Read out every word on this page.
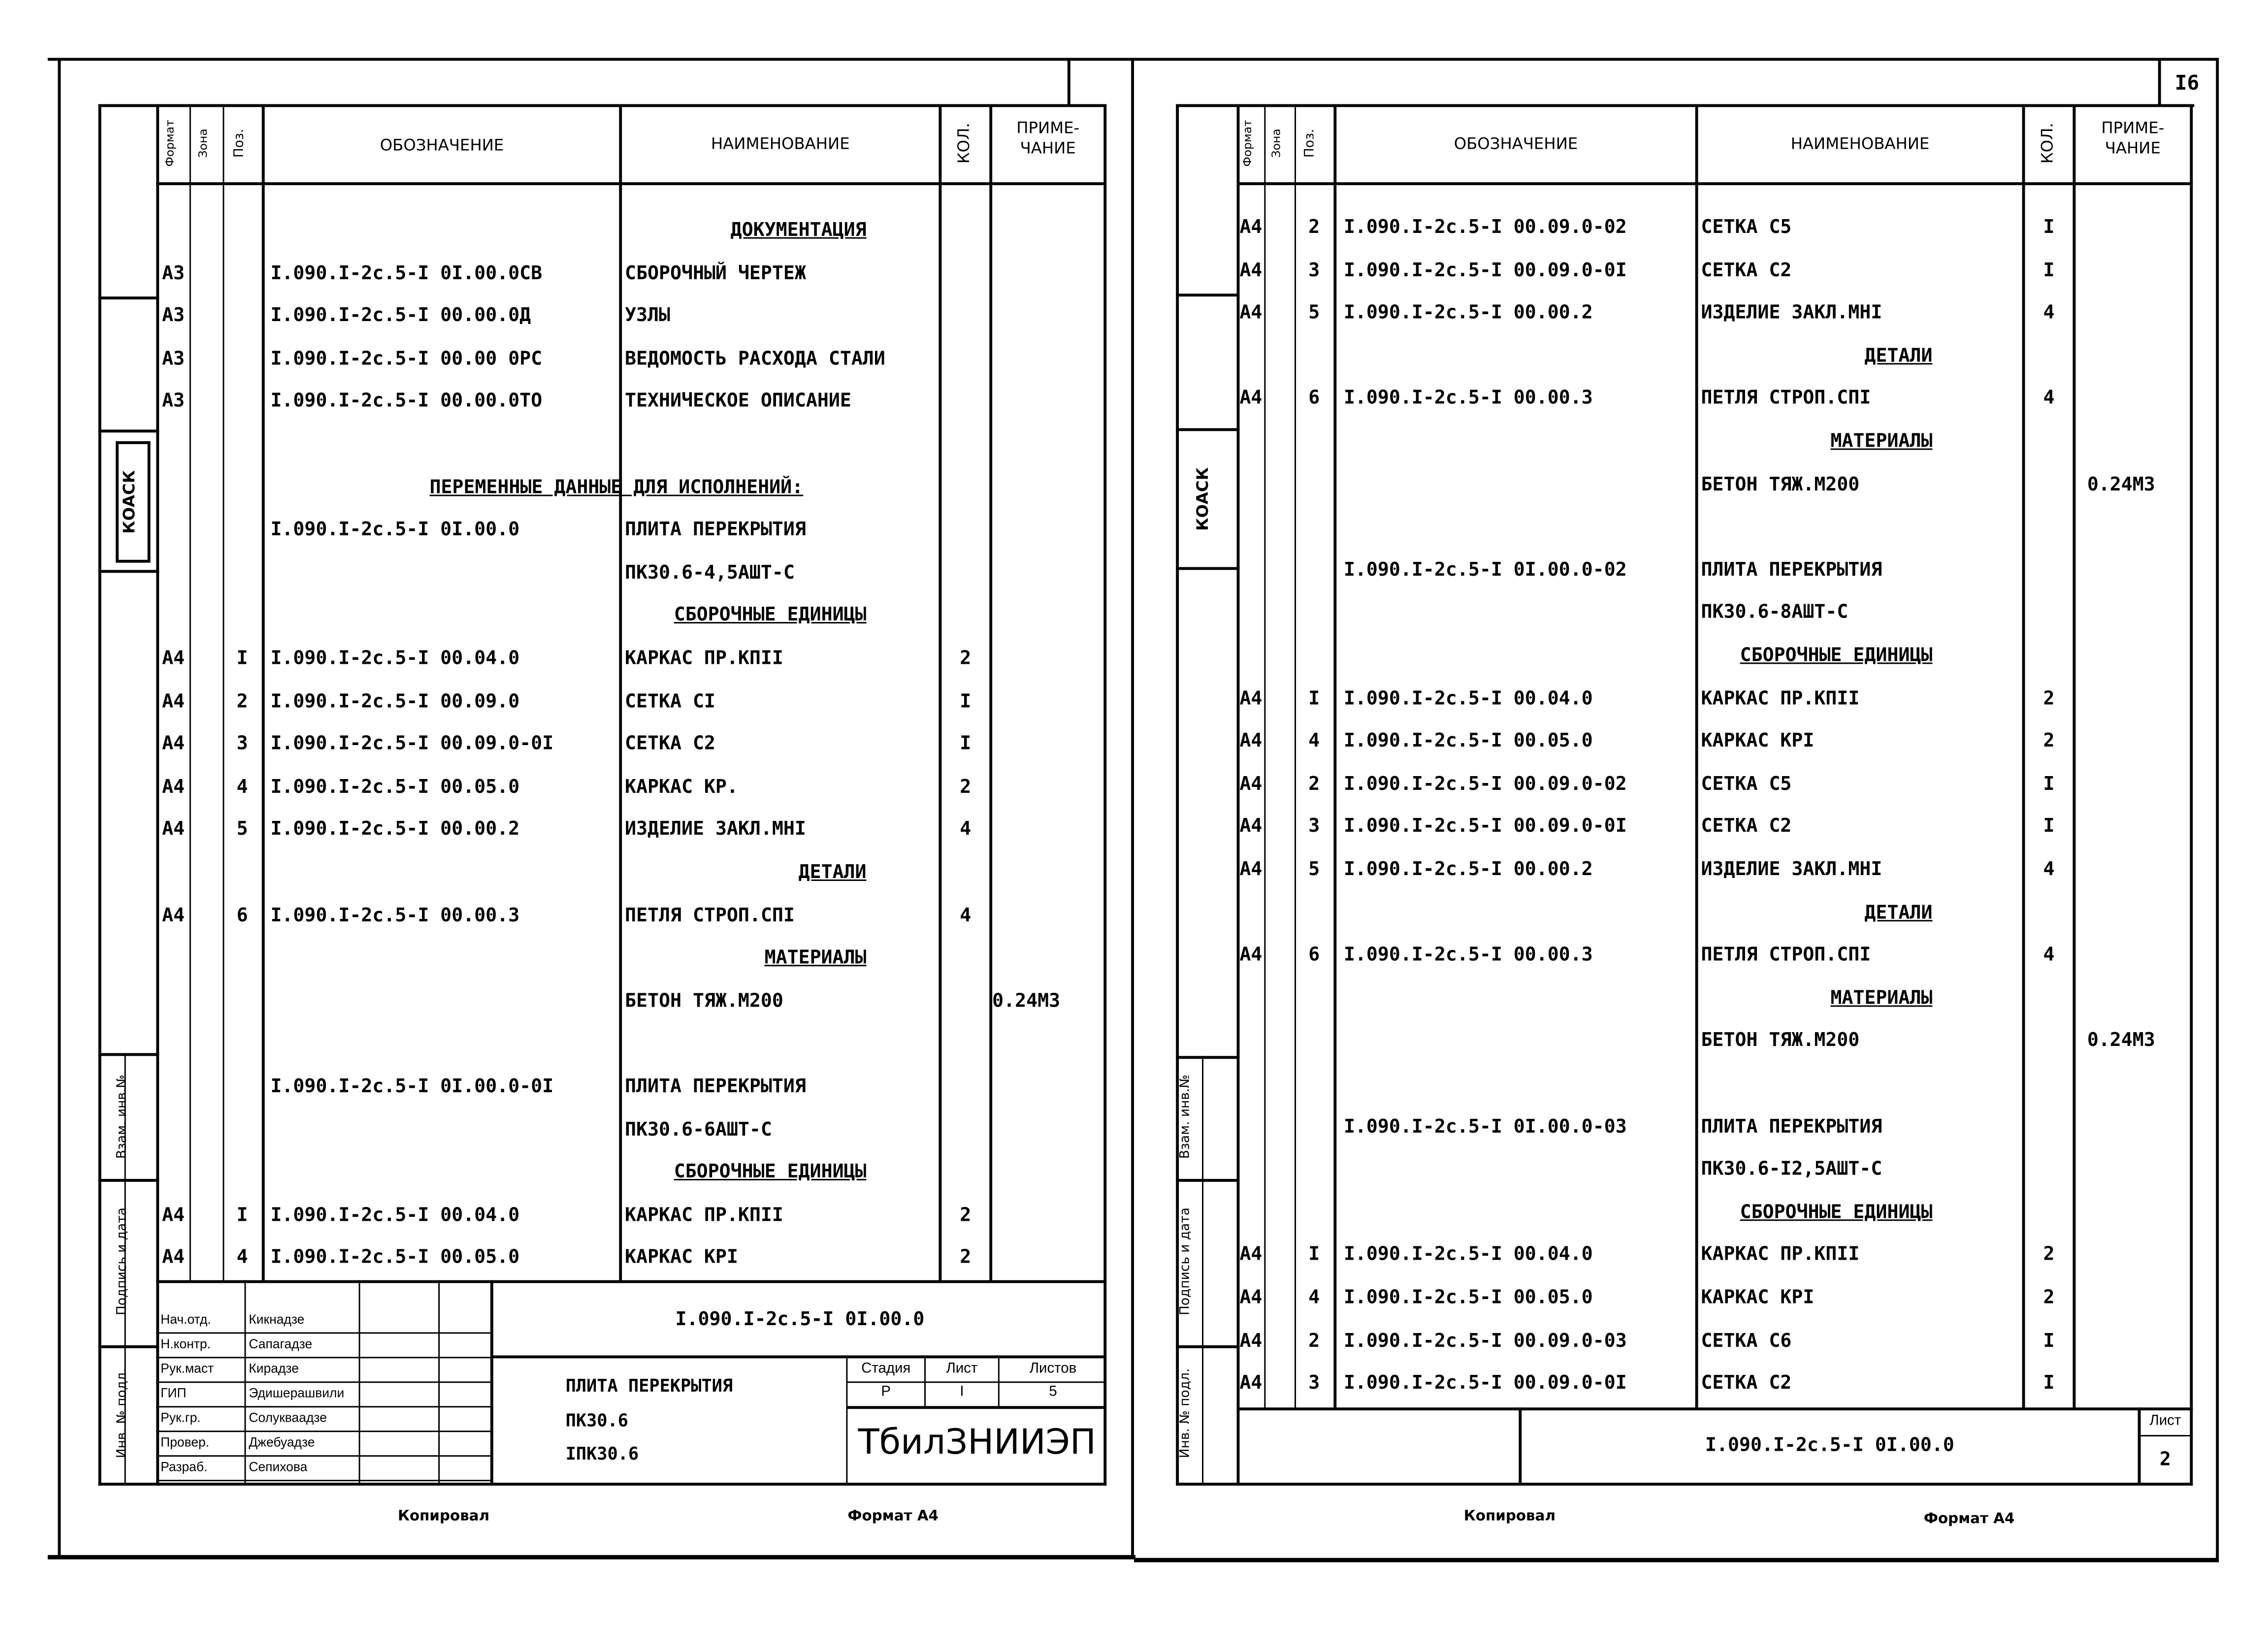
КОАСК
Инв. № подл.
Подпись и дата
Взам. инв.№
Формат	Зона	Поз.	ОБОЗНАЧЕНИЕ	НАИМЕНОВАНИЕ	КОЛ.	ПРИМЕ-
ЧАНИЕ
ДОКУМЕНТАЦИЯ
А3	I.090.I-2c.5-I 0I.00.0СВ	СБОРОЧНЫЙ ЧЕРТЕЖ
А3	I.090.I-2c.5-I 00.00.0Д	УЗЛЫ
А3	I.090.I-2c.5-I 00.00 0РС	ВЕДОМОСТЬ РАСХОДА СТАЛИ
А3	I.090.I-2c.5-I 00.00.0ТО	ТЕХНИЧЕСКОЕ ОПИСАНИЕ
ПЕРЕМЕННЫЕ ДАННЫЕ ДЛЯ ИСПОЛНЕНИЙ:
I.090.I-2c.5-I 0I.00.0	ПЛИТА ПЕРЕКРЫТИЯ
ПК30.6-4,5АШТ-С
СБОРОЧНЫЕ ЕДИНИЦЫ
А4	I	I.090.I-2c.5-I 00.04.0	КАРКАС ПР.КПII	2
А4	2	I.090.I-2c.5-I 00.09.0	СЕТКА СI	I
А4	3	I.090.I-2c.5-I 00.09.0-0I	СЕТКА С2	I
А4	4	I.090.I-2c.5-I 00.05.0	КАРКАС КР.	2
А4	5	I.090.I-2c.5-I 00.00.2	ИЗДЕЛИЕ ЗАКЛ.МНI	4
ДЕТАЛИ
А4	6	I.090.I-2c.5-I 00.00.3	ПЕТЛЯ СТРОП.СПI	4
МАТЕРИАЛЫ
БЕТОН ТЯЖ.М200	0.24М3
I.090.I-2c.5-I 0I.00.0-0I	ПЛИТА ПЕРЕКРЫТИЯ
ПК30.6-6АШТ-С
СБОРОЧНЫЕ ЕДИНИЦЫ
А4	I	I.090.I-2c.5-I 00.04.0	КАРКАС ПР.КПII	2
А4	4	I.090.I-2c.5-I 00.05.0	КАРКАС КРI	2
Нач.отд.	Кикнадзе
Н.контр.	Сапагадзе
Рук.маст	Кирадзе
ГИП	Эдишерашвили
Рук.гр.	Солукваадзе
Провер.	Джебуадзе
Разраб.	Сепихова
I.090.I-2c.5-I 0I.00.0
ПЛИТА ПЕРЕКРЫТИЯ
ПК30.6
IПК30.6
Стадия	Лист	Листов
Р	I	5
ТбилЗНИИЭП
Копировал	Формат А4
I6
КОАСК
Инв. № подл.
Подпись и дата
Взам. инв.№
Формат	Зона	Поз.	ОБОЗНАЧЕНИЕ	НАИМЕНОВАНИЕ	КОЛ.	ПРИМЕ-
ЧАНИЕ
А4	2	I.090.I-2c.5-I 00.09.0-02	СЕТКА С5	I
А4	3	I.090.I-2c.5-I 00.09.0-0I	СЕТКА С2	I
А4	5	I.090.I-2c.5-I 00.00.2	ИЗДЕЛИЕ ЗАКЛ.МНI	4
ДЕТАЛИ
А4	6	I.090.I-2c.5-I 00.00.3	ПЕТЛЯ СТРОП.СПI	4
МАТЕРИАЛЫ
БЕТОН ТЯЖ.М200	0.24М3
I.090.I-2c.5-I 0I.00.0-02	ПЛИТА ПЕРЕКРЫТИЯ
ПК30.6-8АШТ-С
СБОРОЧНЫЕ ЕДИНИЦЫ
А4	I	I.090.I-2c.5-I 00.04.0	КАРКАС ПР.КПII	2
А4	4	I.090.I-2c.5-I 00.05.0	КАРКАС КРI	2
А4	2	I.090.I-2c.5-I 00.09.0-02	СЕТКА С5	I
А4	3	I.090.I-2c.5-I 00.09.0-0I	СЕТКА С2	I
А4	5	I.090.I-2c.5-I 00.00.2	ИЗДЕЛИЕ ЗАКЛ.МНI	4
ДЕТАЛИ
А4	6	I.090.I-2c.5-I 00.00.3	ПЕТЛЯ СТРОП.СПI	4
МАТЕРИАЛЫ
БЕТОН ТЯЖ.М200	0.24М3
I.090.I-2c.5-I 0I.00.0-03	ПЛИТА ПЕРЕКРЫТИЯ
ПК30.6-I2,5АШТ-С
СБОРОЧНЫЕ ЕДИНИЦЫ
А4	I	I.090.I-2c.5-I 00.04.0	КАРКАС ПР.КПII	2
А4	4	I.090.I-2c.5-I 00.05.0	КАРКАС КРI	2
А4	2	I.090.I-2c.5-I 00.09.0-03	СЕТКА С6	I
А4	3	I.090.I-2c.5-I 00.09.0-0I	СЕТКА С2	I
I.090.I-2c.5-I 0I.00.0
Лист
2
Копировал	Формат А4
